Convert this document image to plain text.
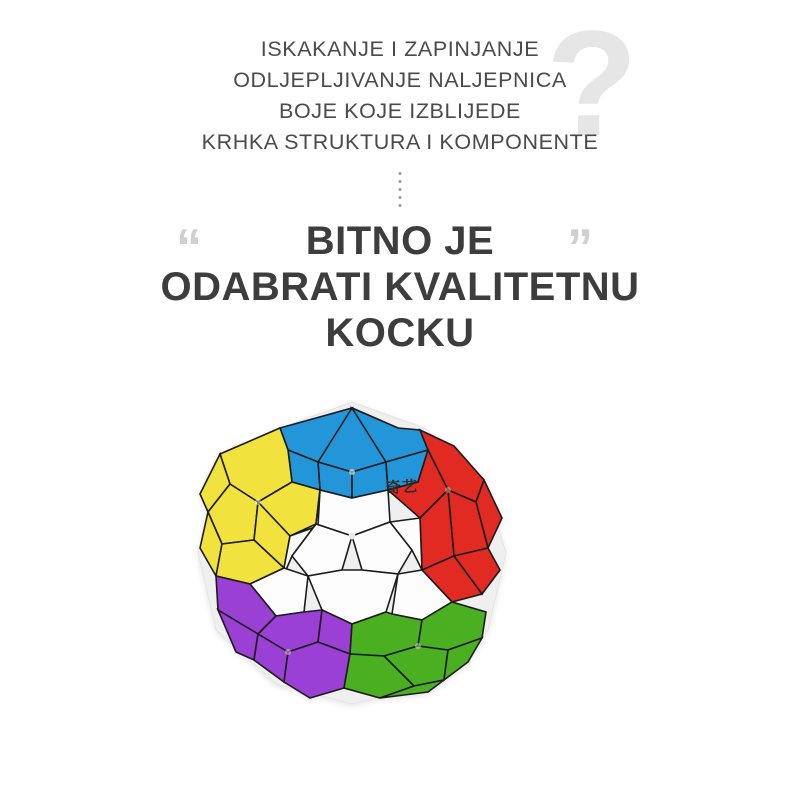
?
ISKAKANJE I ZAPINJANJE
ODLJEPLJIVANJE NALJEPNICA
BOJE KOJE IZBLIJEDE
KRHKA STRUKTURA I KOMPONENTE
“	”
BITNO JE
ODABRATI KVALITETNU
KOCKU
奇艺
